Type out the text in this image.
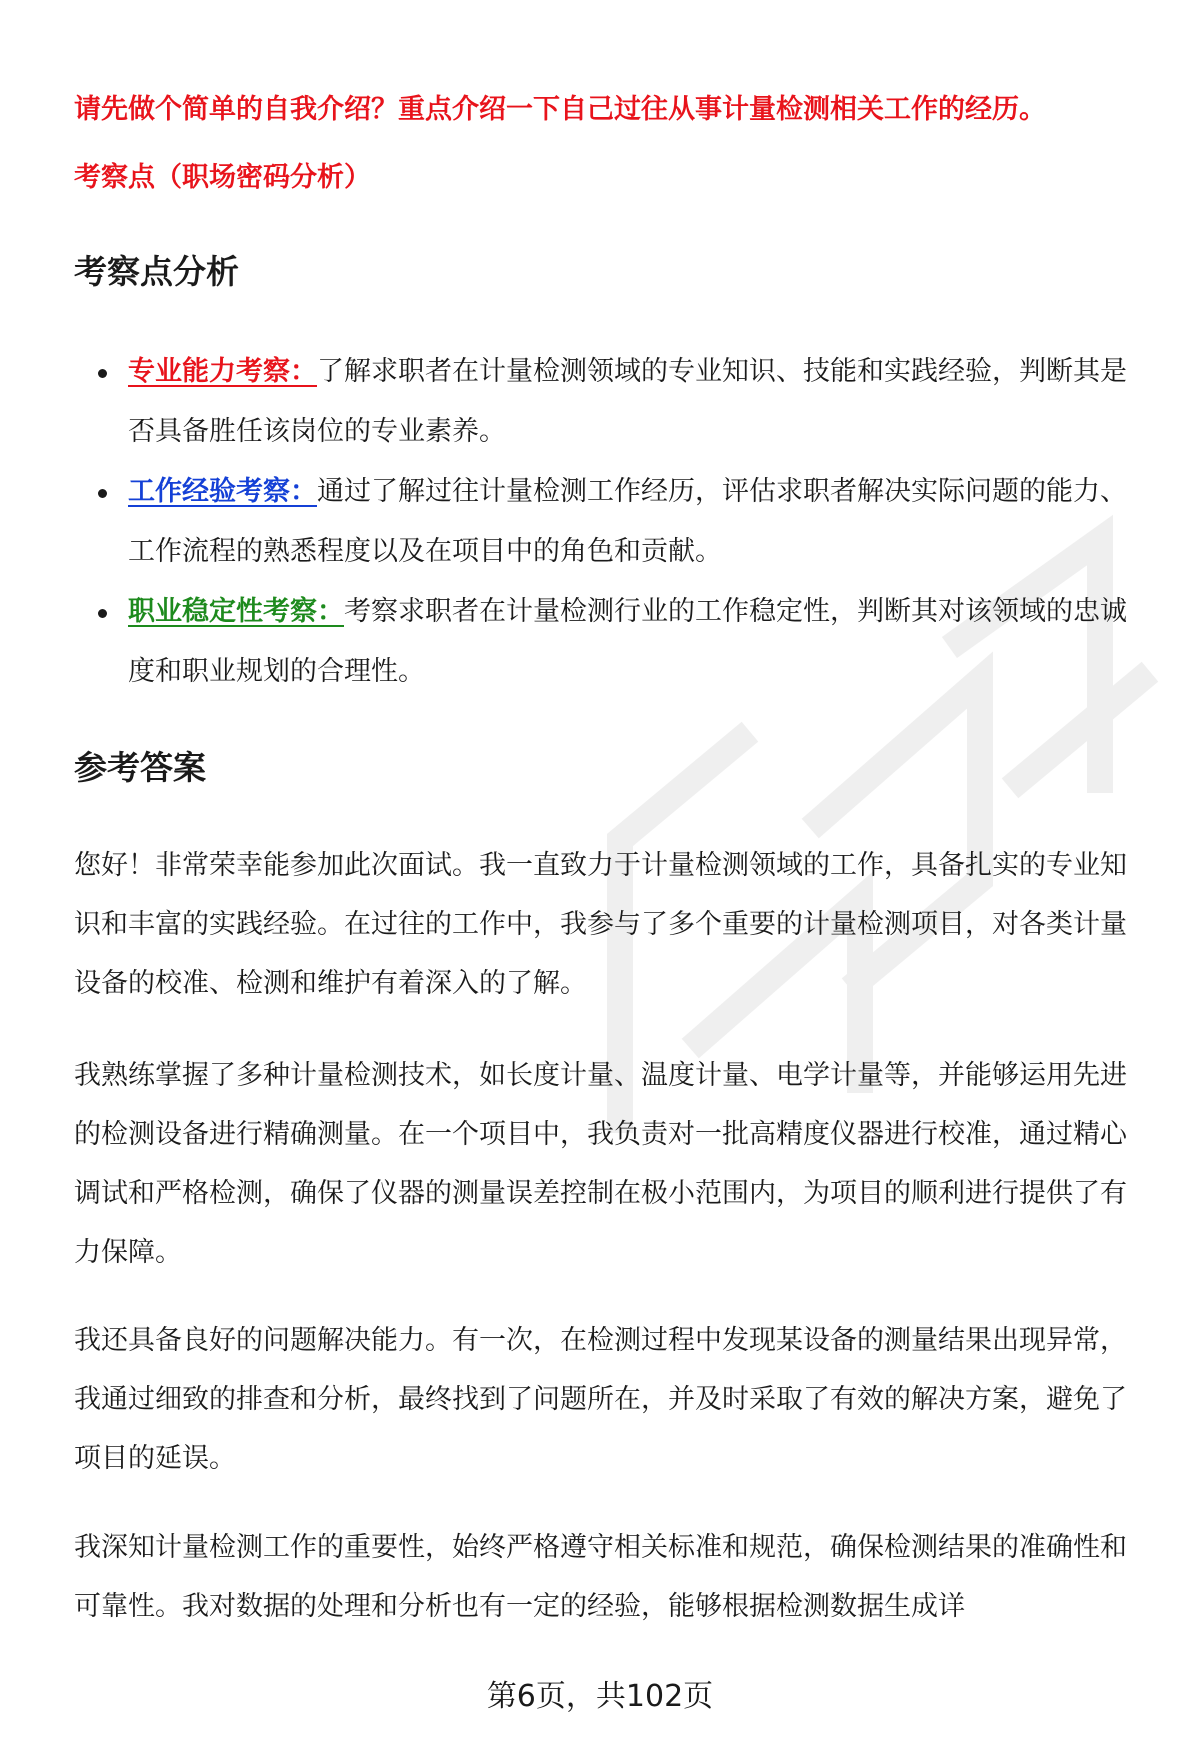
请先做个简单的自我介绍？重点介绍一下自己过往从事计量检测相关工作的经历。
考察点（职场密码分析）
考察点分析
专业能力考察：了解求职者在计量检测领域的专业知识、技能和实践经验，判断其是否具备胜任该岗位的专业素养。
工作经验考察：通过了解过往计量检测工作经历，评估求职者解决实际问题的能力、工作流程的熟悉程度以及在项目中的角色和贡献。
职业稳定性考察：考察求职者在计量检测行业的工作稳定性，判断其对该领域的忠诚度和职业规划的合理性。
参考答案

您好！非常荣幸能参加此次面试。我一直致力于计量检测领域的工作，具备扎实的专业知识和丰富的实践经验。在过往的工作中，我参与了多个重要的计量检测项目，对各类计量设备的校准、检测和维护有着深入的了解。

我熟练掌握了多种计量检测技术，如长度计量、温度计量、电学计量等，并能够运用先进的检测设备进行精确测量。在一个项目中，我负责对一批高精度仪器进行校准，通过精心调试和严格检测，确保了仪器的测量误差控制在极小范围内，为项目的顺利进行提供了有力保障。

我还具备良好的问题解决能力。有一次，在检测过程中发现某设备的测量结果出现异常，我通过细致的排查和分析，最终找到了问题所在，并及时采取了有效的解决方案，避免了项目的延误。

我深知计量检测工作的重要性，始终严格遵守相关标准和规范，确保检测结果的准确性和可靠性。我对数据的处理和分析也有一定的经验，能够根据检测数据生成详

第6页，共102页
